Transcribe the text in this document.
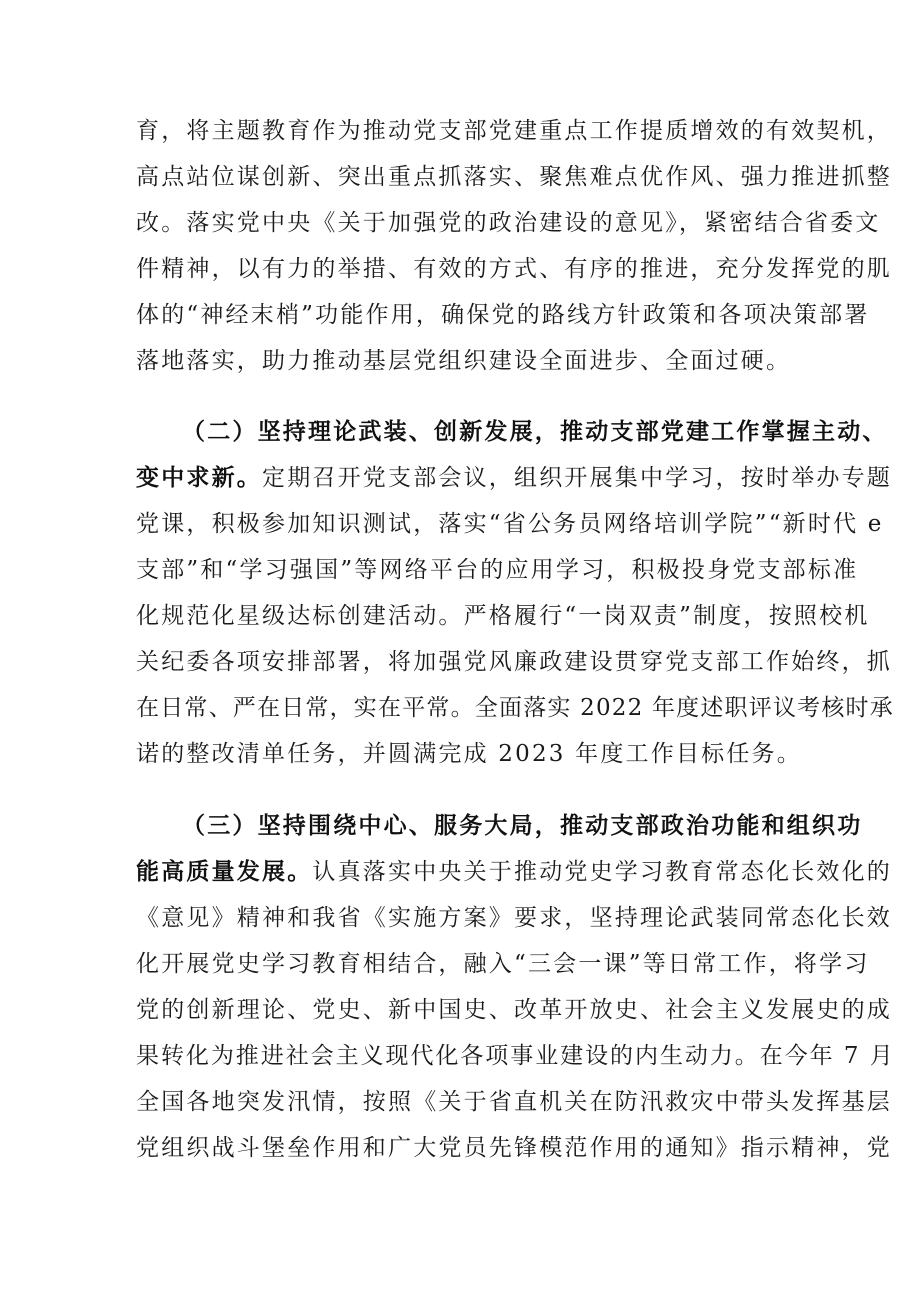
育，将主题教育作为推动党支部党建重点工作提质增效的有效契机，
高点站位谋创新、突出重点抓落实、聚焦难点优作风、强力推进抓整
改。落实党中央《关于加强党的政治建设的意见》，紧密结合省委文
件精神，以有力的举措、有效的方式、有序的推进，充分发挥党的肌
体的“神经末梢”功能作用，确保党的路线方针政策和各项决策部署
落地落实，助力推动基层党组织建设全面进步、全面过硬。
（二）坚持理论武装、创新发展，推动支部党建工作掌握主动、
变中求新。定期召开党支部会议，组织开展集中学习，按时举办专题
党课，积极参加知识测试，落实“省公务员网络培训学院”“新时代 e
支部”和“学习强国”等网络平台的应用学习，积极投身党支部标准
化规范化星级达标创建活动。严格履行“一岗双责”制度，按照校机
关纪委各项安排部署，将加强党风廉政建设贯穿党支部工作始终，抓
在日常、严在日常，实在平常。全面落实 2022 年度述职评议考核时承
诺的整改清单任务，并圆满完成 2023 年度工作目标任务。
（三）坚持围绕中心、服务大局，推动支部政治功能和组织功
能高质量发展。认真落实中央关于推动党史学习教育常态化长效化的
《意见》精神和我省《实施方案》要求，坚持理论武装同常态化长效
化开展党史学习教育相结合，融入“三会一课”等日常工作，将学习
党的创新理论、党史、新中国史、改革开放史、社会主义发展史的成
果转化为推进社会主义现代化各项事业建设的内生动力。在今年 7 月
全国各地突发汛情，按照《关于省直机关在防汛救灾中带头发挥基层
党组织战斗堡垒作用和广大党员先锋模范作用的通知》指示精神，党
